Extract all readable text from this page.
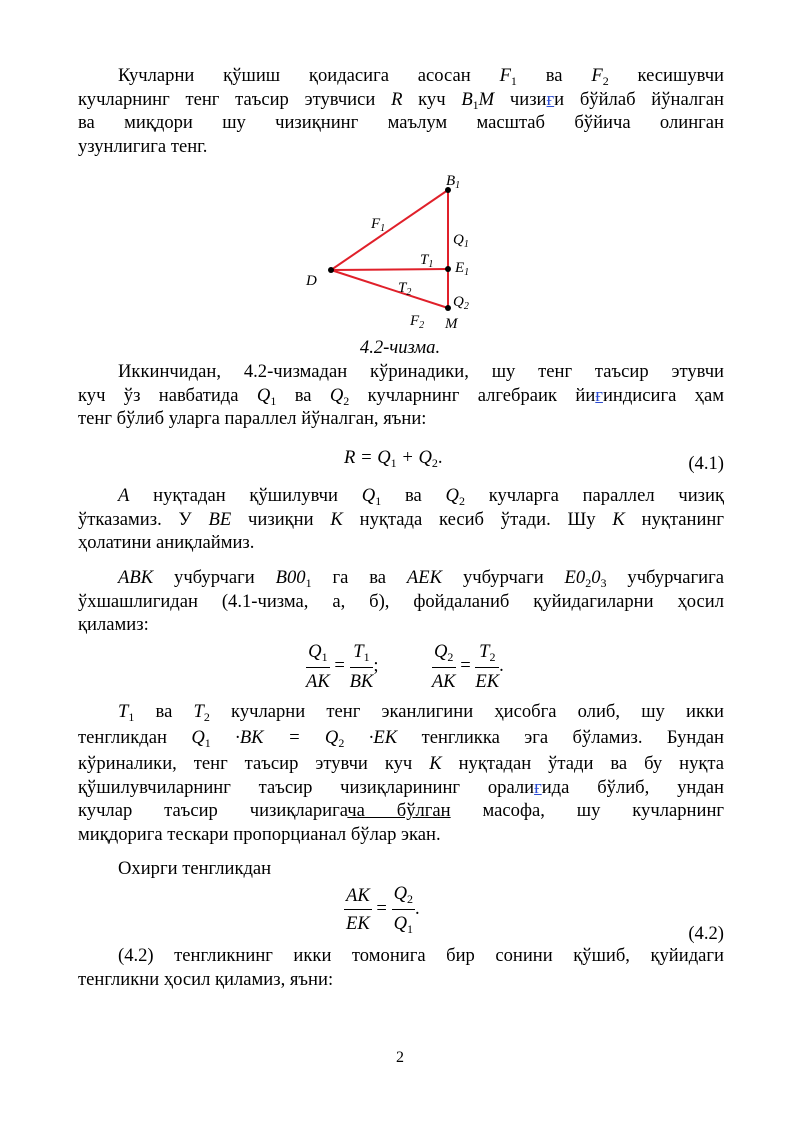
Кучларни қўшиш қоидасига асосан $F_1$ ва $F_2$ кесишувчи
кучларнинг тенг таъсир этувчиси R куч $B_1M$ чизиғи бўйлаб йўналган
ва миқдори шу чизиқнинг маълум масштаб бўйича олинган
узунлигига тенг.
$B_1$
$F_1$
$Q_1$
$T_1$ $E_1$
D	$T_2$
$Q_2$
$F_2$ M
4.2-чизма.
Иккинчидан, 4.2-чизмадан кўринадики, шу тенг таъсир этувчи
куч ўз навбатида $Q_1$ ва $Q_2$ кучларнинг алгебраик йиғиндисига ҳам
тенг бўлиб уларга параллел йўналган, яъни:
$R = Q_1 + Q_2$.	(4.1)
A нуқтадан қўшилувчи $Q_1$ ва $Q_2$ кучларга параллел чизиқ
ўтказамиз. У BE чизиқни K нуқтада кесиб ўтади. Шу K нуқтанинг
ҳолатини аниқлаймиз.
ABK учбурчаги $B00_1$ га ва AEK учбурчаги $E0_20_3$ учбурчагига
ўхшашлигидан (4.1-чизма, а, б), фойдаланиб қуйидагиларни ҳосил
қиламиз:
$\frac{Q_1}{AK} = \frac{T_1}{BK}$ ;	$\frac{Q_2}{AK} = \frac{T_2}{EK}$ .
$T_1$ ва $T_2$ кучларни тенг эканлигини ҳисобга олиб, шу икки
тенгликдан $Q_1 \cdot BK = Q_2 \cdot EK$ тенгликка эга бўламиз. Бундан
кўриналики, тенг таъсир этувчи куч K нуқтадан ўтади ва бу нуқта
қўшилувчиларнинг таъсир чизиқларининг оралиғида бўлиб, ундан
кучлар таъсир чизиқларигача бўлган масофа, шу кучларнинг
миқдорига тескари пропорцианал бўлар экан.
Охирги тенгликдан
$\frac{AK}{EK} = \frac{Q_2}{Q_1}$ .
(4.2)
(4.2) тенгликнинг икки томонига бир сонини қўшиб, қуйидаги
тенгликни ҳосил қиламиз, яъни:
2
